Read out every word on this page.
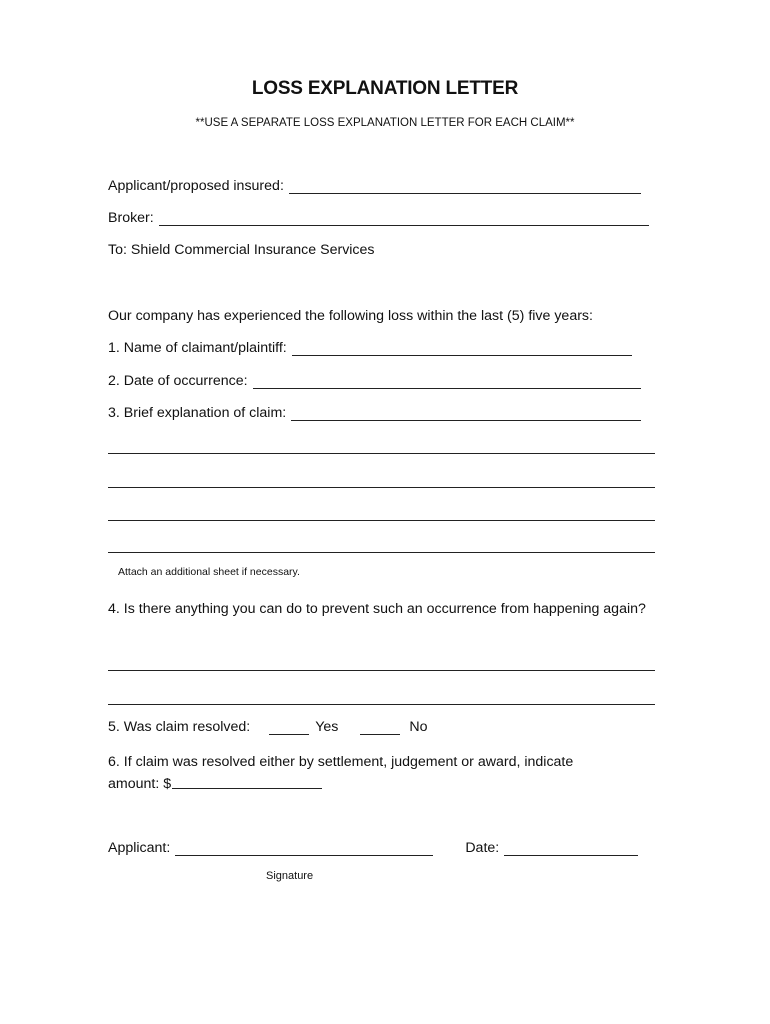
LOSS EXPLANATION LETTER
**USE A SEPARATE LOSS EXPLANATION LETTER FOR EACH CLAIM**
Applicant/proposed insured:
Broker:
To: Shield Commercial Insurance Services
Our company has experienced the following loss within the last (5) five years:
1. Name of claimant/plaintiff:
2. Date of occurrence:
3. Brief explanation of claim:
Attach an additional sheet if necessary.
4. Is there anything you can do to prevent such an occurrence from happening again?
5. Was claim resolved:	Yes	No
6. If claim was resolved either by settlement, judgement or award, indicate amount: $
Applicant:	Date:
Signature
